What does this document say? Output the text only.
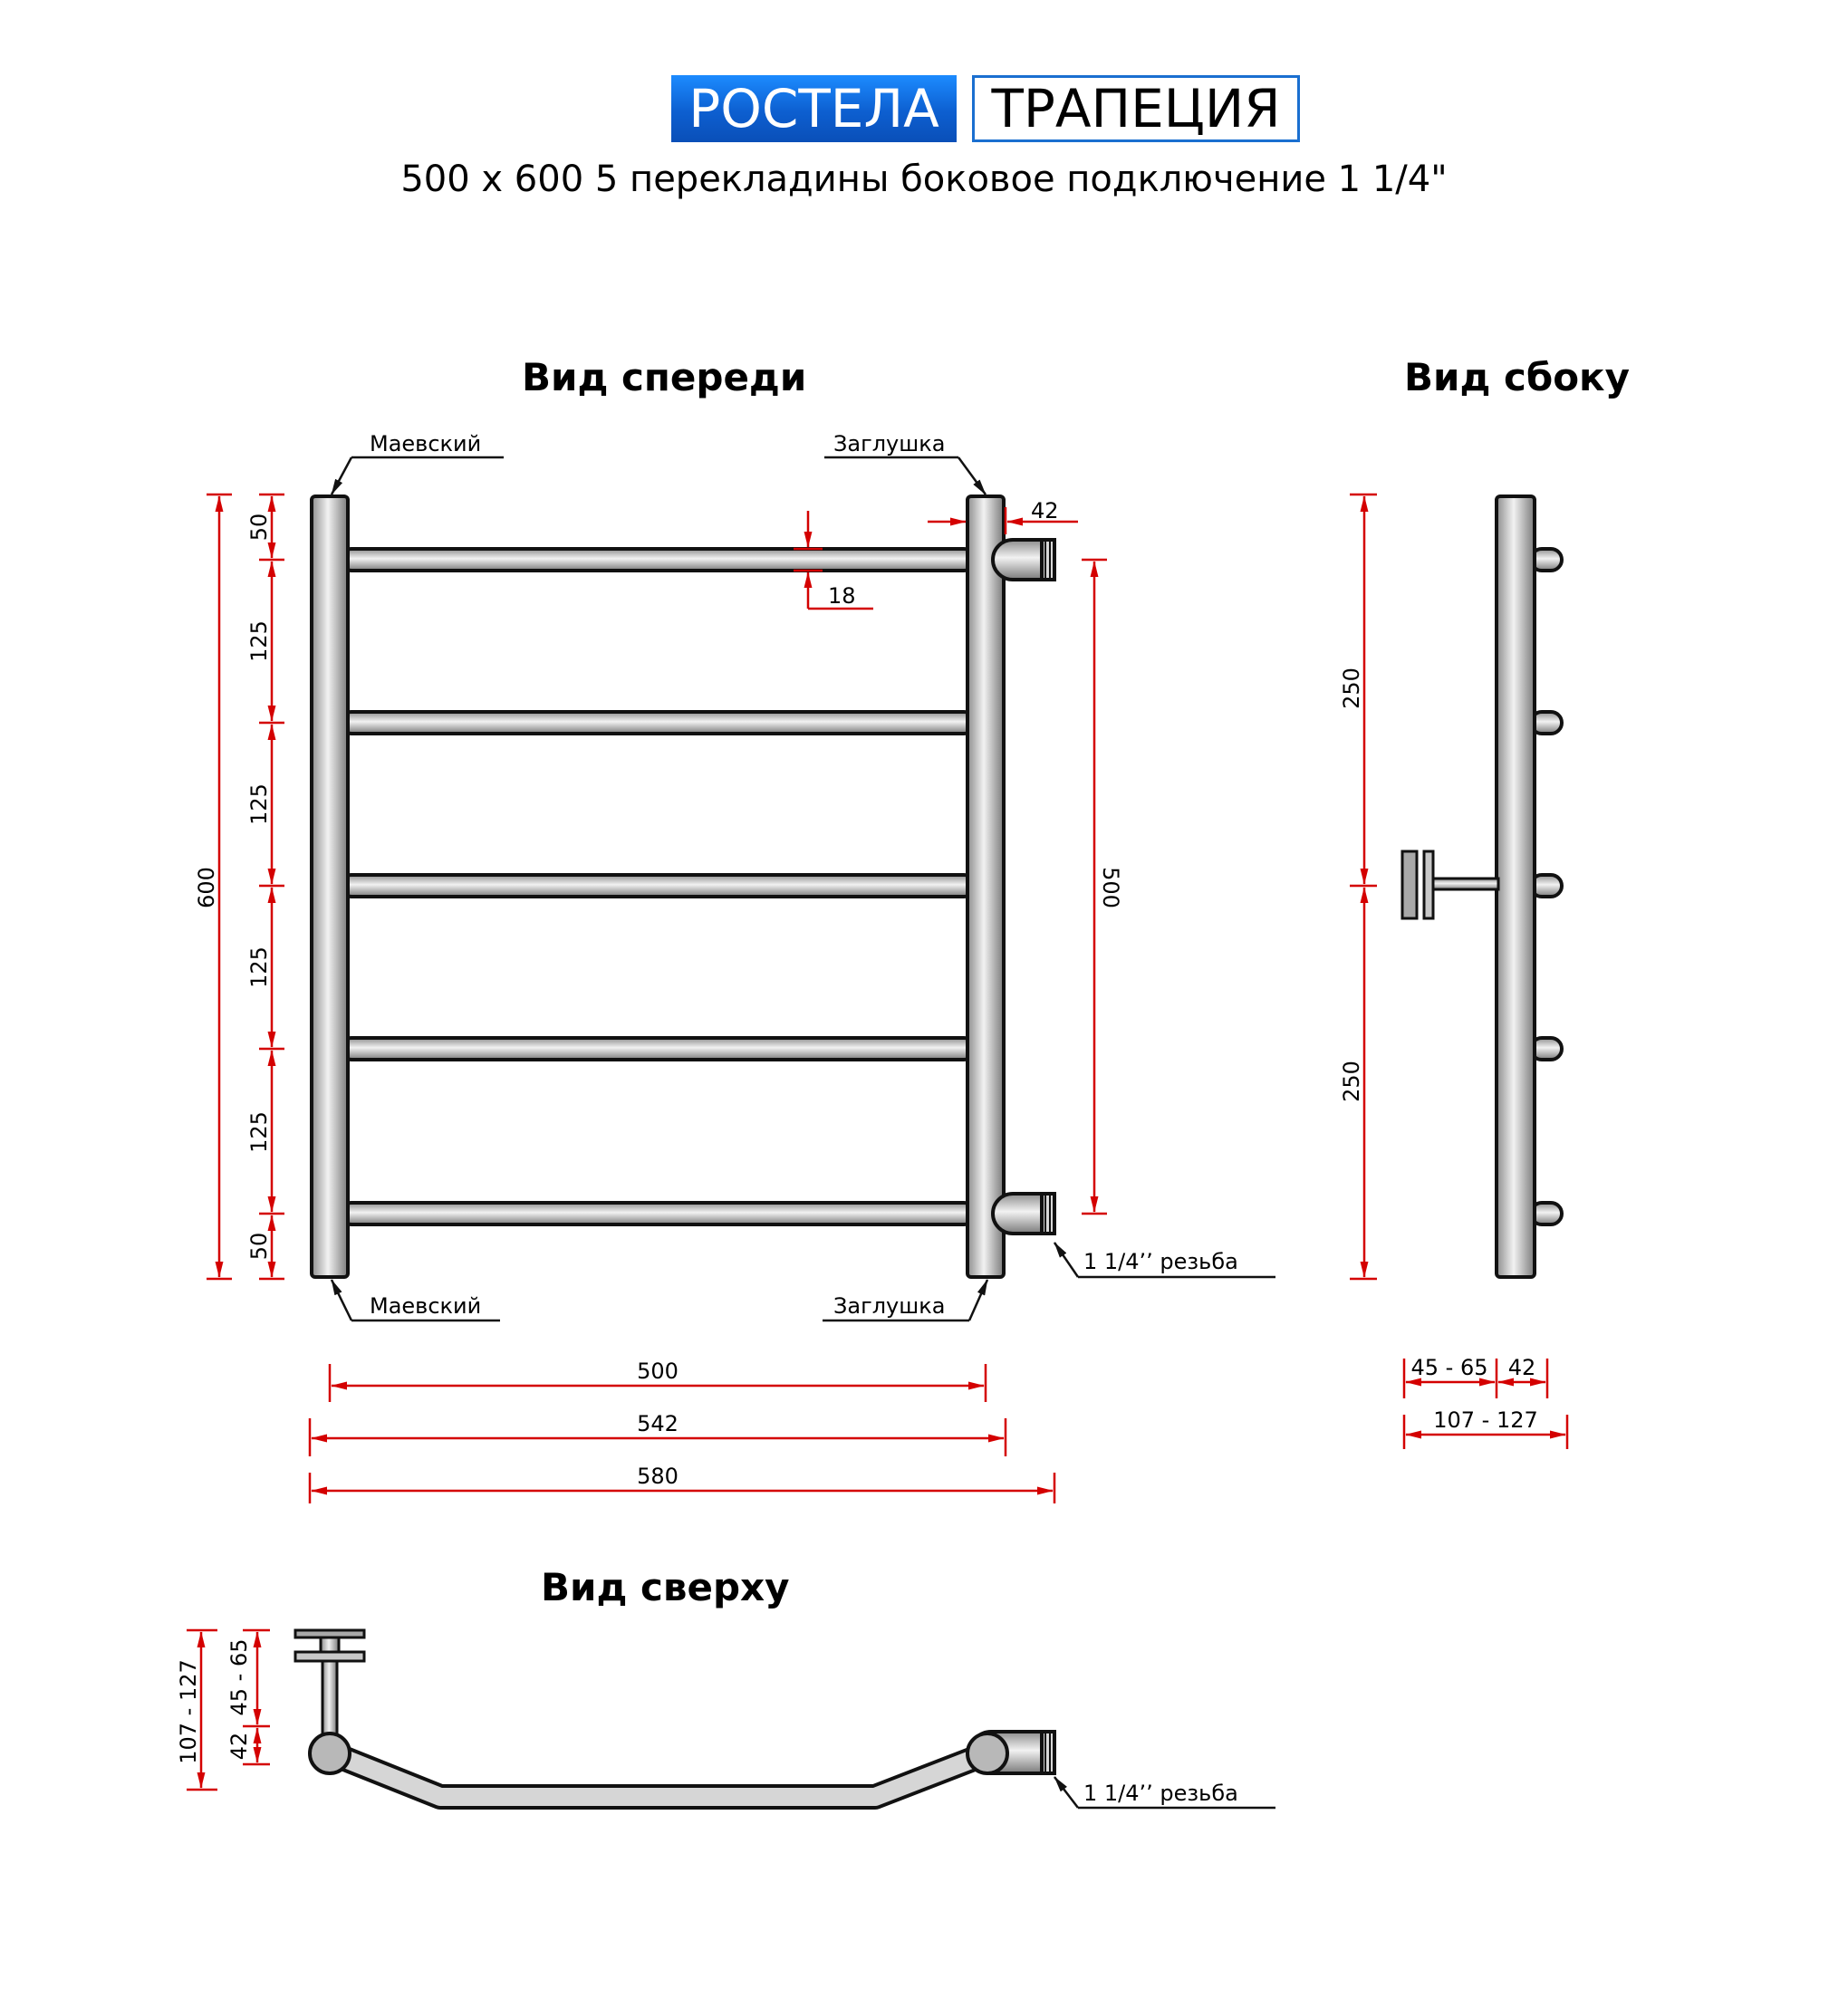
РОСТЕЛА ТРАПЕЦИЯ
500 x 600 5 перекладины боковое подключение 1 1/4"
Вид спереди	Вид сбоку
Вид сверху
Маевский	Заглушка
Маевский	Заглушка
1 1/4’’ резьба
600
50
125
125
125
125
50
500
42
18
500
542
580
250
250
45 - 65 42
107 - 127
1 1/4’’ резьба
107 - 127 45 - 65
42
